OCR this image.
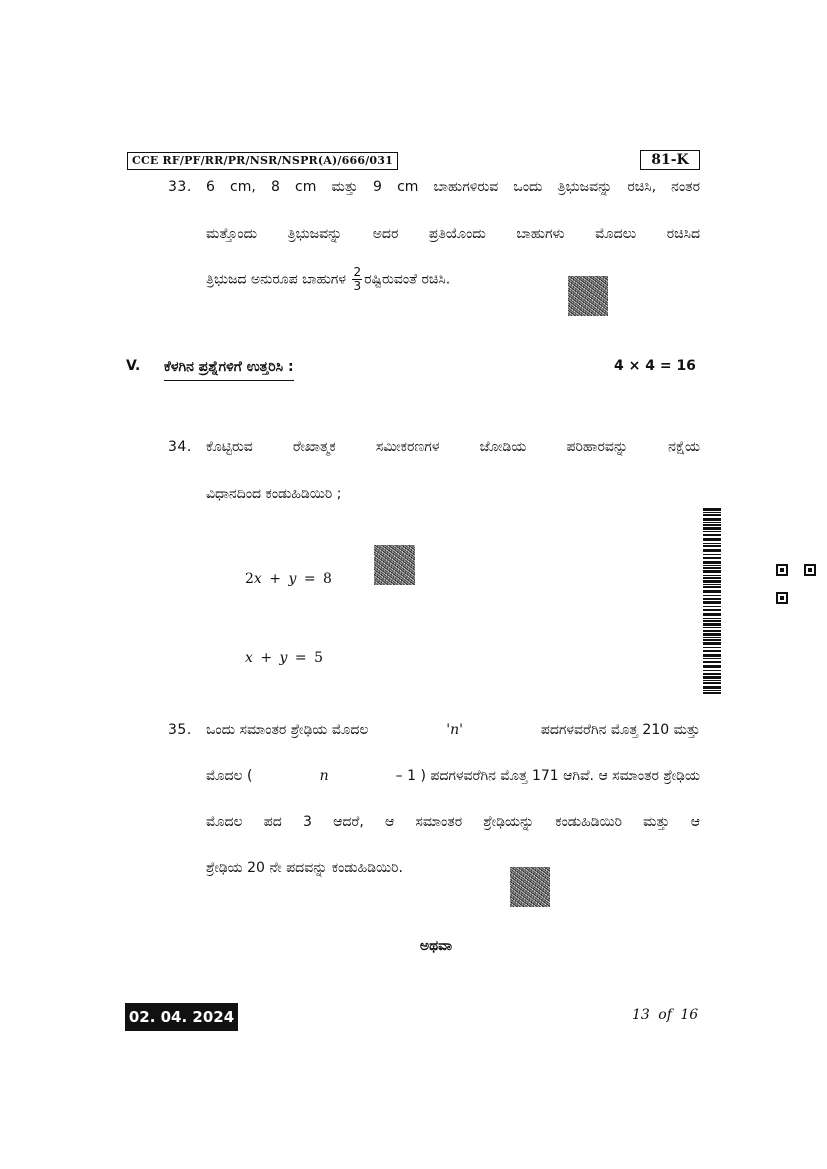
CCE RF/PF/RR/PR/NSR/NSPR(A)/666/031	81-K
33. 6 cm, 8 cm ಮತ್ತು 9 cm ಬಾಹುಗಳಿರುವ ಒಂದು ತ್ರಿಭುಜವನ್ನು ರಚಿಸಿ, ನಂತರ
ಮತ್ತೊಂದು ತ್ರಿಭುಜವನ್ನು ಅದರ ಪ್ರತಿಯೊಂದು ಬಾಹುಗಳು ಮೊದಲು ರಚಿಸಿದ
ತ್ರಿಭುಜದ ಅನುರೂಪ ಬಾಹುಗಳ $\frac{2}{3}$ ರಷ್ಟಿರುವಂತೆ ರಚಿಸಿ.
V. ಕೆಳಗಿನ ಪ್ರಶ್ನೆಗಳಿಗೆ ಉತ್ತರಿಸಿ :	4 × 4 = 16
34. ಕೊಟ್ಟಿರುವ ರೇಖಾತ್ಮಕ ಸಮೀಕರಣಗಳ ಜೋಡಿಯ ಪರಿಹಾರವನ್ನು ನಕ್ಷೆಯ
ವಿಧಾನದಿಂದ ಕಂಡುಹಿಡಿಯಿರಿ ;
2x + y = 8
x + y = 5
35. ಒಂದು ಸಮಾಂತರ ಶ್ರೇಢಿಯ ಮೊದಲ	'n'	ಪದಗಳವರೆಗಿನ ಮೊತ್ತ 210 ಮತ್ತು
ಮೊದಲ (	n	– 1 ) ಪದಗಳವರೆಗಿನ ಮೊತ್ತ 171 ಆಗಿವೆ. ಆ ಸಮಾಂತರ ಶ್ರೇಢಿಯ
ಮೊದಲ ಪದ 3 ಆದರೆ, ಆ ಸಮಾಂತರ ಶ್ರೇಢಿಯನ್ನು ಕಂಡುಹಿಡಿಯಿರಿ ಮತ್ತು ಆ
ಶ್ರೇಢಿಯ 20 ನೇ ಪದವನ್ನು ಕಂಡುಹಿಡಿಯಿರಿ.
ಅಥವಾ
02. 04. 2024	13 of 16
